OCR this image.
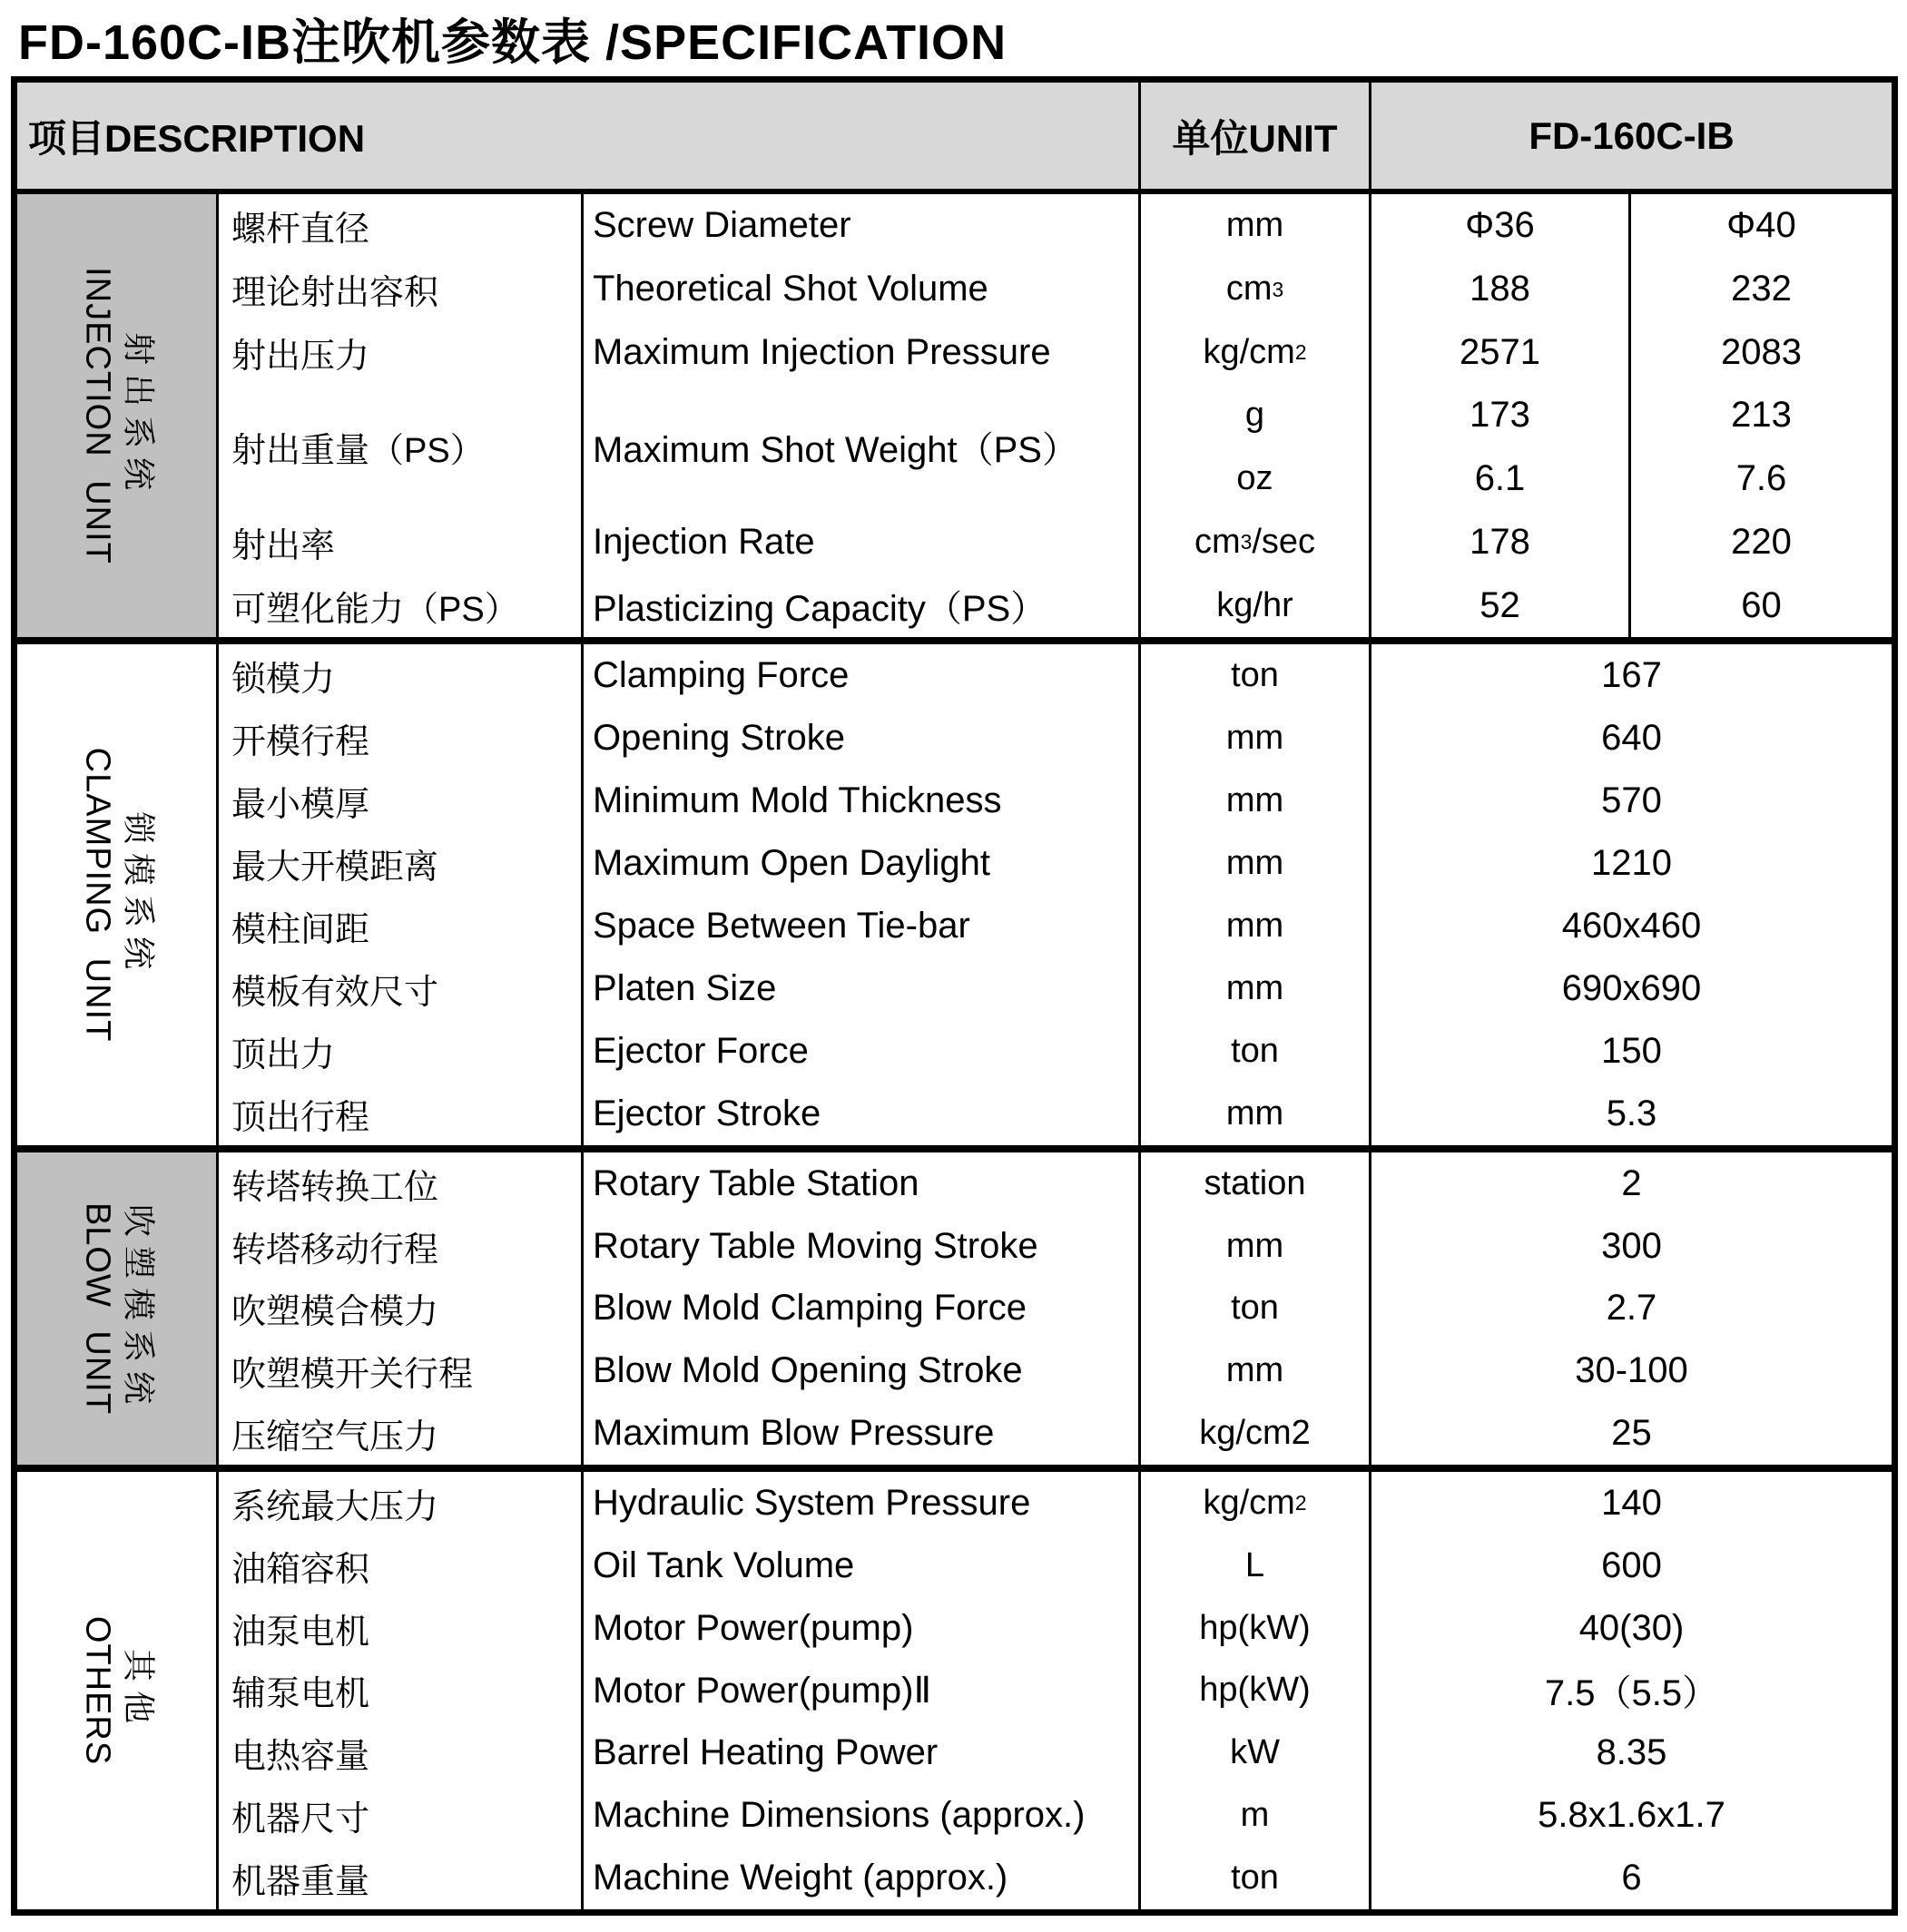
FD-160C-IB注吹机参数表 /SPECIFICATION
项目DESCRIPTION	单位UNIT	FD-160C-IB
射出系统
INJECTION UNIT
螺杆直径	Screw Diameter	mm	Φ36	Φ40
理论射出容积	Theoretical Shot Volume	cm 3	188	232
射出压力	Maximum Injection Pressure	kg/cm 2	2571	2083
射出重量（PS）	Maximum Shot Weight（PS）
g	173	213
oz	6.1	7.6
射出率	Injection Rate	cm 3 /sec	178	220
可塑化能力（PS）	Plasticizing Capacity（PS）	kg/hr	52	60
锁模系统
CLAMPING UNIT
锁模力	Clamping Force	ton	167
开模行程	Opening Stroke	mm	640
最小模厚	Minimum Mold Thickness	mm	570
最大开模距离	Maximum Open Daylight	mm	1210
模柱间距	Space Between Tie-bar	mm	460x460
模板有效尺寸	Platen Size	mm	690x690
顶出力	Ejector Force	ton	150
顶出行程	Ejector Stroke	mm	5.3
吹塑模系统
BLOW UNIT
转塔转换工位	Rotary Table Station	station	2
转塔移动行程	Rotary Table Moving Stroke	mm	300
吹塑模合模力	Blow Mold Clamping Force	ton	2.7
吹塑模开关行程	Blow Mold Opening Stroke	mm	30-100
压缩空气压力	Maximum Blow Pressure	kg/cm2	25
其他
OTHERS
系统最大压力	Hydraulic System Pressure	kg/cm 2	140
油箱容积	Oil Tank Volume	L	600
油泵电机	Motor Power(pump)	hp(kW)	40(30)
辅泵电机	Motor Power(pump)Ⅱ	hp(kW)	7.5（5.5）
电热容量	Barrel Heating Power	kW	8.35
机器尺寸	Machine Dimensions (approx.)	m	5.8x1.6x1.7
机器重量	Machine Weight (approx.)	ton	6
